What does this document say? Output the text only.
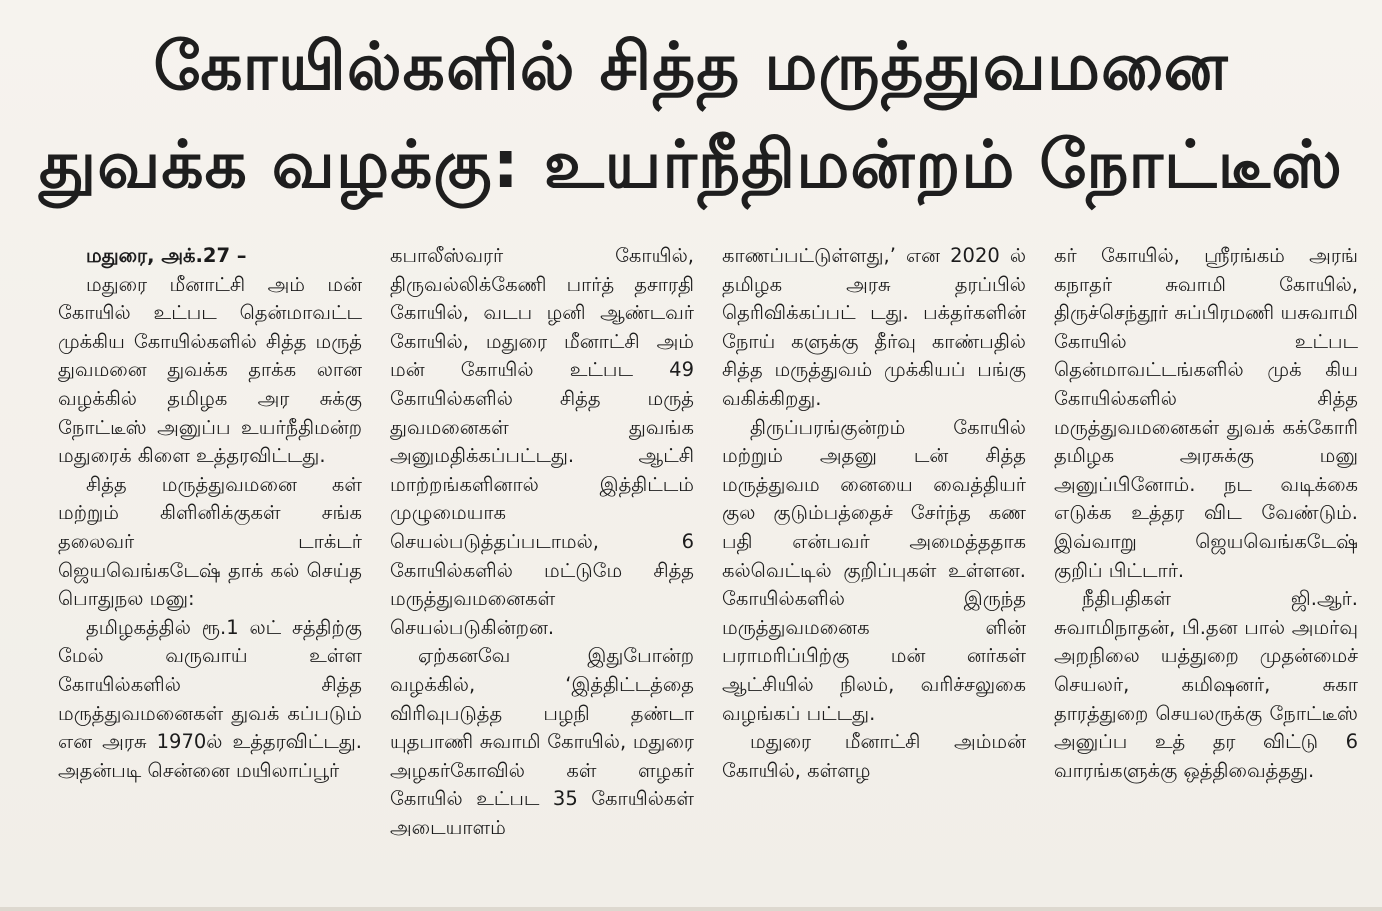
கோயில்களில் சித்த மருத்துவமனை
துவக்க வழக்கு: உயர்நீதிமன்றம் நோட்டீஸ்

மதுரை, அக்.27 –

மதுரை மீனாட்சி அம் மன் கோயில் உட்பட தென்மாவட்ட முக்கிய கோயில்களில் சித்த மருத் துவமனை துவக்க தாக்க லான வழக்கில் தமிழக அர சுக்கு நோட்டீஸ் அனுப்ப உயர்நீதிமன்ற மதுரைக் கிளை உத்தரவிட்டது.

சித்த மருத்துவமனை கள் மற்றும் கிளினிக்குகள் சங்க தலைவர் டாக்டர் ஜெயவெங்கடேஷ் தாக் கல் செய்த பொதுநல மனு:

தமிழகத்தில் ரூ.1 லட் சத்திற்கு மேல் வருவாய் உள்ள கோயில்களில் சித்த மருத்துவமனைகள் துவக் கப்படும் என அரசு 1970ல் உத்தரவிட்டது. அதன்படி சென்னை மயிலாப்பூர்

கபாலீஸ்வரர் கோயில், திருவல்லிக்கேணி பார்த் தசாரதி கோயில், வடப ழனி ஆண்டவர் கோயில், மதுரை மீனாட்சி அம் மன் கோயில் உட்பட 49 கோயில்களில் சித்த மருத் துவமனைகள் துவங்க அனுமதிக்கப்பட்டது. ஆட்சி மாற்றங்களினால் இத்திட்டம் முழுமையாக செயல்படுத்தப்படாமல், 6 கோயில்களில் மட்டுமே சித்த மருத்துவமனைகள் செயல்படுகின்றன.

ஏற்கனவே இதுபோன்ற வழக்கில், ‘இத்திட்டத்தை விரிவுபடுத்த பழநி தண்டா யுதபாணி சுவாமி கோயில், மதுரை அழகர்கோவில் கள் ளழகர் கோயில் உட்பட 35 கோயில்கள் அடையாளம்

காணப்பட்டுள்ளது,’ என 2020 ல் தமிழக அரசு தரப்பில் தெரிவிக்கப்பட் டது. பக்தர்களின் நோய் களுக்கு தீர்வு காண்பதில் சித்த மருத்துவம் முக்கியப் பங்கு வகிக்கிறது.

திருப்பரங்குன்றம் கோயில் மற்றும் அதனு டன் சித்த மருத்துவம னையை வைத்தியர் குல குடும்பத்தைச் சேர்ந்த கண பதி என்பவர் அமைத்ததாக கல்வெட்டில் குறிப்புகள் உள்ளன. கோயில்களில் இருந்த மருத்துவமனைக ளின் பராமரிப்பிற்கு மன் னர்கள் ஆட்சியில் நிலம், வரிச்சலுகை வழங்கப் பட்டது.

மதுரை மீனாட்சி அம்மன் கோயில், கள்ளழ

கர் கோயில், ஸ்ரீரங்கம் அரங் கநாதர் சுவாமி கோயில், திருச்செந்தூர் சுப்பிரமணி யசுவாமி கோயில் உட்பட தென்மாவட்டங்களில் முக் கிய கோயில்களில் சித்த மருத்துவமனைகள் துவக் கக்கோரி தமிழக அரசுக்கு மனு அனுப்பினோம். நட வடிக்கை எடுக்க உத்தர விட வேண்டும். இவ்வாறு ஜெயவெங்கடேஷ் குறிப் பிட்டார்.

நீதிபதிகள் ஜி.ஆர். சுவாமிநாதன், பி.தன பால் அமர்வு அறநிலை யத்துறை முதன்மைச் செயலர், கமிஷனர், சுகா தாரத்துறை செயலருக்கு நோட்டீஸ் அனுப்ப உத் தர விட்டு 6 வாரங்களுக்கு ஒத்திவைத்தது.
